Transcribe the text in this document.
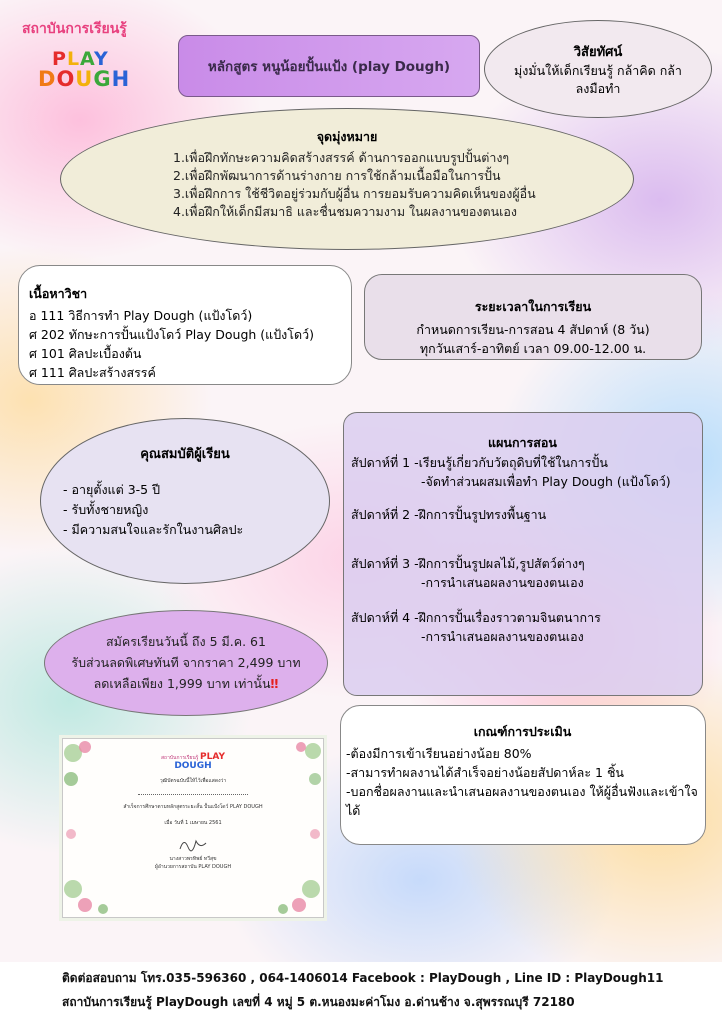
สถาบันการเรียนรู้
PLAY
DOUGH	หลักสูตร หนูน้อยปั้นแป้ง (play Dough)
วิสัยทัศน์
มุ่งมั่นให้เด็กเรียนรู้ กล้าคิด กล้าลงมือทำ
จุดมุ่งหมาย
1.เพื่อฝึกทักษะความคิดสร้างสรรค์ ด้านการออกแบบรูปปั้นต่างๆ
2.เพื่อฝึกพัฒนาการด้านร่างกาย การใช้กล้ามเนื้อมือในการปั้น
3.เพื่อฝึกการ ใช้ชีวิตอยู่ร่วมกับผู้อื่น การยอมรับความคิดเห็นของผู้อื่น
4.เพื่อฝึกให้เด็กมีสมาธิ และชื่นชมความงาม ในผลงานของตนเอง
เนื้อหาวิชา
อ 111 วิธีการทำ Play Dough (แป้งโดว์)
ศ 202 ทักษะการปั้นแป้งโดว์ Play Dough (แป้งโดว์)
ศ 101 ศิลปะเบื้องต้น
ศ 111 ศิลปะสร้างสรรค์
ระยะเวลาในการเรียน
กำหนดการเรียน-การสอน 4 สัปดาห์ (8 วัน)
ทุกวันเสาร์-อาทิตย์ เวลา 09.00-12.00 น.
คุณสมบัติผู้เรียน
- อายุตั้งแต่ 3-5 ปี
- รับทั้งชายหญิง
- มีความสนใจและรักในงานศิลปะ
แผนการสอน
สัปดาห์ที่ 1 -เรียนรู้เกี่ยวกับวัตถุดิบที่ใช้ในการปั้น
-จัดทำส่วนผสมเพื่อทำ Play Dough (แป้งโดว์)
สัปดาห์ที่ 2 -ฝึกการปั้นรูปทรงพื้นฐาน
สัปดาห์ที่ 3 -ฝึกการปั้นรูปผลไม้,รูปสัตว์ต่างๆ
-การนำเสนอผลงานของตนเอง
สัปดาห์ที่ 4 -ฝึกการปั้นเรื่องราวตามจินตนาการ
-การนำเสนอผลงานของตนเอง
สมัครเรียนวันนี้ ถึง 5 มี.ค. 61
รับส่วนลดพิเศษทันที จากราคา 2,499 บาท
ลดเหลือเพียง 1,999 บาท เท่านั้น‼
เกณฑ์การประเมิน
-ต้องมีการเข้าเรียนอย่างน้อย 80%
-สามารทำผลงานได้สำเร็จอย่างน้อยสัปดาห์ละ 1 ชิ้น
-บอกชื่อผลงานและนำเสนอผลงานของตนเอง ให้ผู้อื่นฟังและเข้าใจได้
สถาบันการเรียนรู้ PLAY
DOUGH
วุฒิบัตรฉบับนี้ให้ไว้เพื่อแสดงว่า
สำเร็จการศึกษาตามหลักสูตรระยะสั้น ปั้นแป้งโดว์ PLAY DOUGH
เมื่อ วันที่ 1 เมษายน 2561
นางสาวพรทิพย์ ทวีสุข
ผู้อำนวยการสถาบัน PLAY DOUGH
ติดต่อสอบถาม โทร.035-596360 , 064-1406014 Facebook : PlayDough , Line ID : PlayDough11
สถาบันการเรียนรู้ PlayDough เลขที่ 4 หมู่ 5 ต.หนองมะค่าโมง อ.ด่านช้าง จ.สุพรรณบุรี 72180
